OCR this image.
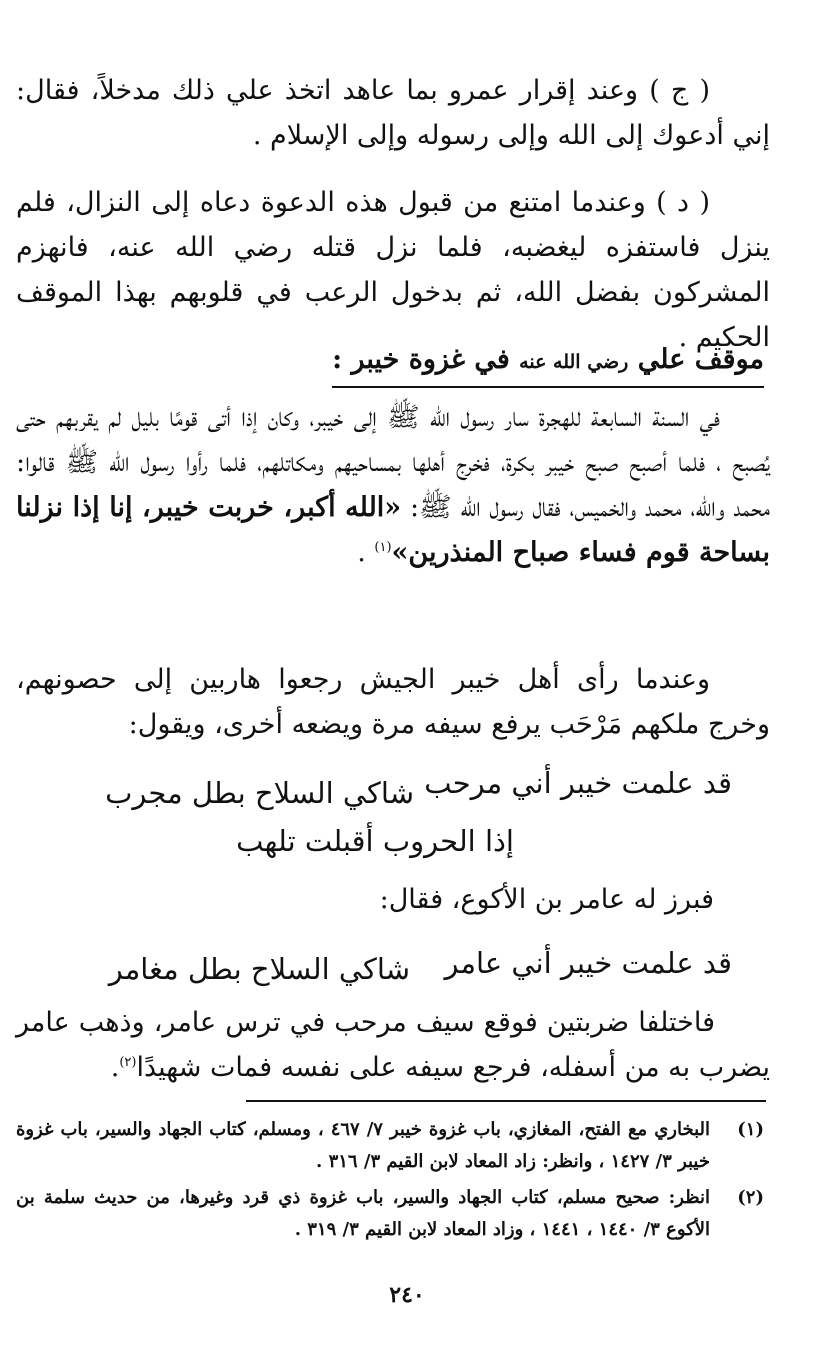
( ج ) وعند إقرار عمرو بما عاهد اتخذ علي ذلك مدخلاً، فقال: إني أدعوك إلى الله وإلى رسوله وإلى الإسلام .

( د ) وعندما امتنع من قبول هذه الدعوة دعاه إلى النزال، فلم ينزل فاستفزه ليغضبه، فلما نزل قتله رضي الله عنه، فانهزم المشركون بفضل الله، ثم بدخول الرعب في قلوبهم بهذا الموقف الحكيم .

موقف علي رضي الله عنه في غزوة خيبر :

في السنة السابعة للهجرة سار رسول الله ﷺ إلى خيبر، وكان إذا أتى قومًا بليل لم يقربهم حتى يُصبح ، فلما أصبح صبح خيبر بكرة، فخرج أهلها بمساحيهم ومكاتلهم، فلما رأوا رسول الله ﷺ قالوا: محمد والله، محمد والخميس، فقال رسول الله ﷺ: «الله أكبر، خربت خيبر، إنا إذا نزلنا بساحة قوم فساء صباح المنذرين»$^{(١)}$ .

وعندما رأى أهل خيبر الجيش رجعوا هاربين إلى حصونهم، وخرج ملكهم مَرْحَب يرفع سيفه مرة ويضعه أخرى، ويقول:

قد علمت خيبر أني مرحب

شاكي السلاح بطل مجرب

إذا الحروب أقبلت تلهب

فبرز له عامر بن الأكوع، فقال:

قد علمت خيبر أني عامر

شاكي السلاح بطل مغامر

فاختلفا ضربتين فوقع سيف مرحب في ترس عامر، وذهب عامر يضرب به من أسفله، فرجع سيفه على نفسه فمات شهيدًا$^{(٢)}$.

(١)
البخاري مع الفتح، المغازي، باب غزوة خيبر ٧/ ٤٦٧ ، ومسلم، كتاب الجهاد والسير، باب غزوة خيبر ٣/ ١٤٢٧ ، وانظر: زاد المعاد لابن القيم ٣/ ٣١٦ .
(٢)
انظر: صحيح مسلم، كتاب الجهاد والسير، باب غزوة ذي قرد وغيرها، من حديث سلمة بن الأكوع ٣/ ١٤٤٠ ، ١٤٤١ ، وزاد المعاد لابن القيم ٣/ ٣١٩ .
٢٤٠
